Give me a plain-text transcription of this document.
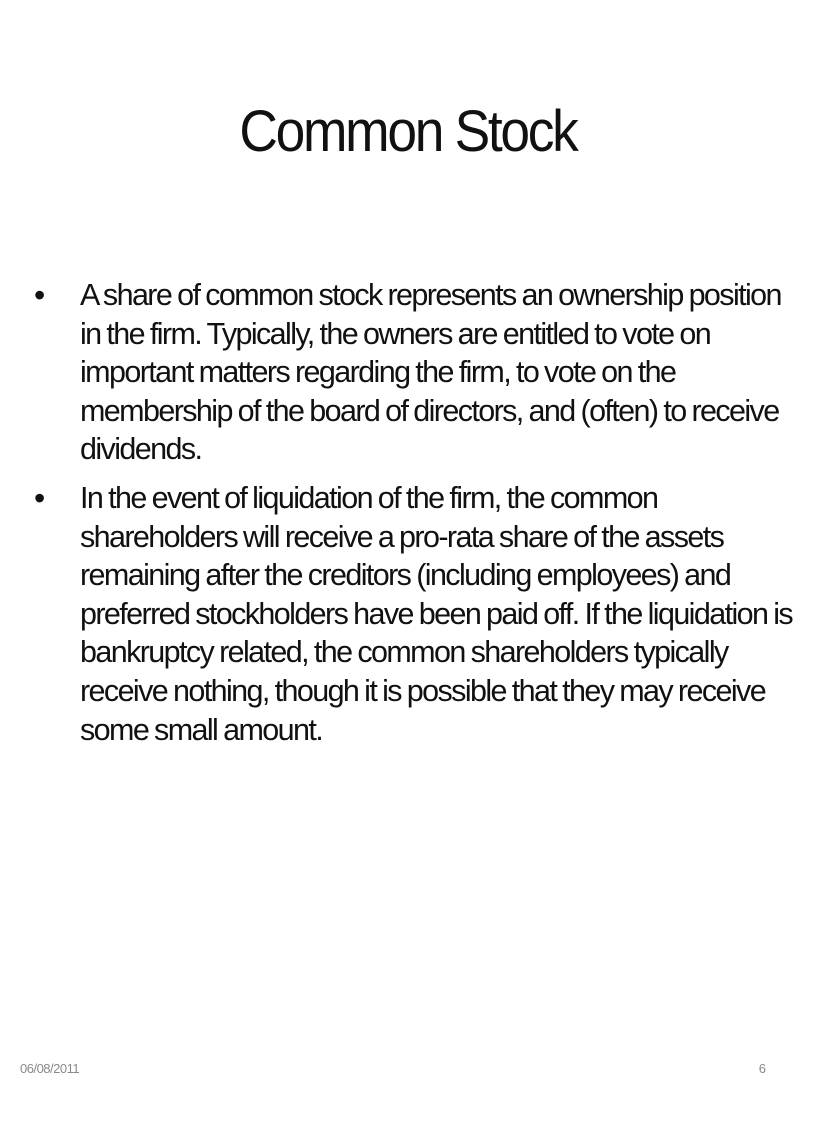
Common Stock
• A share of common stock represents an ownership position in the firm. Typically, the owners are entitled to vote on important matters regarding the firm, to vote on the membership of the board of directors, and (often) to receive dividends.
• In the event of liquidation of the firm, the common shareholders will receive a pro-rata share of the assets remaining after the creditors (including employees) and preferred stockholders have been paid off. If the liquidation is bankruptcy related, the common shareholders typically receive nothing, though it is possible that they may receive some small amount.
06/08/2011	6
